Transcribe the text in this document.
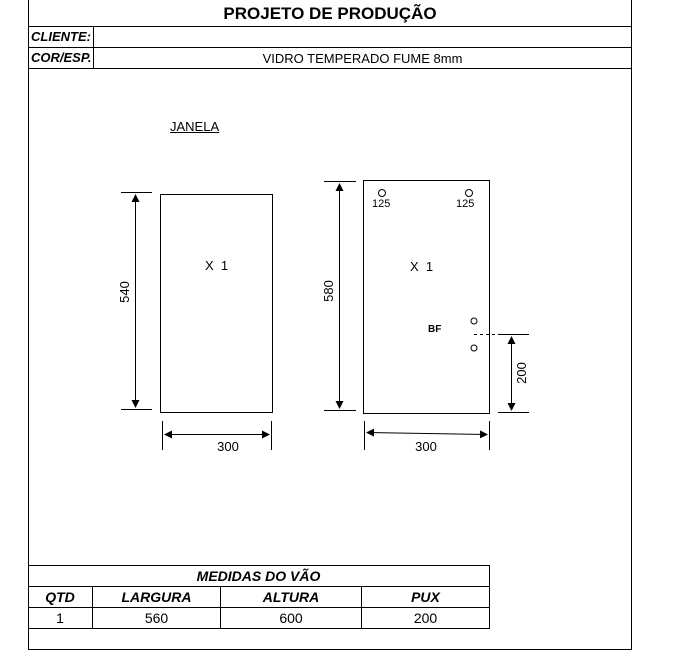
540	580
200
PROJETO DE PRODUÇÃO
CLIENTE:
COR/ESP.	VIDRO TEMPERADO FUME 8mm
JANELA
X  1
300
X  1
300
125	125
BF
MEDIDAS DO VÃO
QTD	LARGURA	ALTURA	PUX
1	560	600	200
